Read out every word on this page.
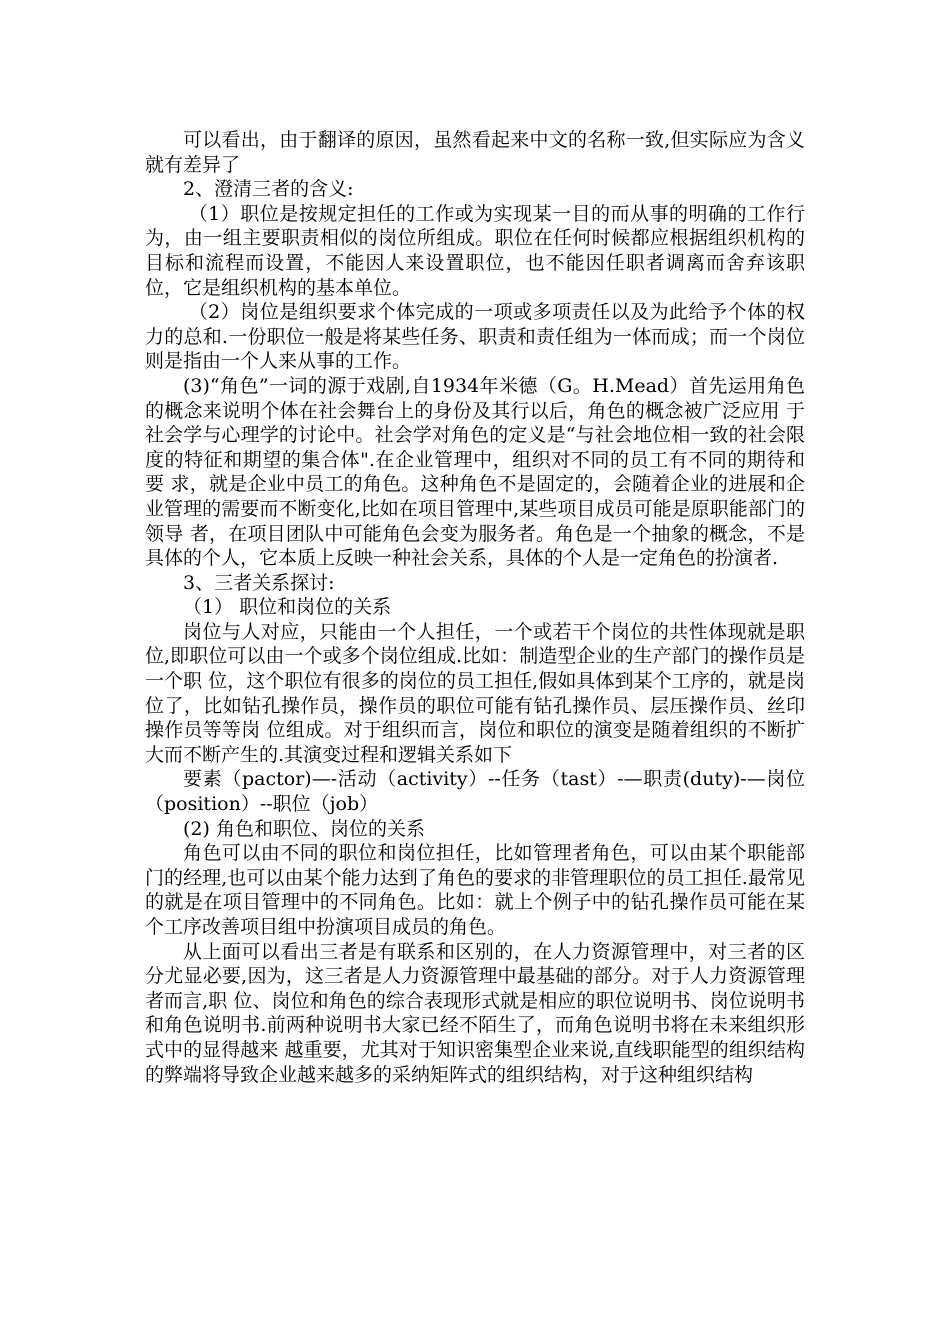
可以看出，由于翻译的原因，虽然看起来中文的名称一致,但实际应为含义就有差异了

2、澄清三者的含义:

（1）职位是按规定担任的工作或为实现某一目的而从事的明确的工作行为，由一组主要职责相似的岗位所组成。职位在任何时候都应根据组织机构的目标和流程而设置，不能因人来设置职位，也不能因任职者调离而舍弃该职位，它是组织机构的基本单位。

（2）岗位是组织要求个体完成的一项或多项责任以及为此给予个体的权力的总和.一份职位一般是将某些任务、职责和责任组为一体而成；而一个岗位则是指由一个人来从事的工作。

(3)“角色”一词的源于戏剧,自1934年米德（G。H.Mead）首先运用角色的概念来说明个体在社会舞台上的身份及其行以后，角色的概念被广泛应用 于社会学与心理学的讨论中。社会学对角色的定义是“与社会地位相一致的社会限度的特征和期望的集合体".在企业管理中，组织对不同的员工有不同的期待和要 求，就是企业中员工的角色。这种角色不是固定的，会随着企业的进展和企业管理的需要而不断变化,比如在项目管理中,某些项目成员可能是原职能部门的领导 者，在项目团队中可能角色会变为服务者。角色是一个抽象的概念，不是具体的个人，它本质上反映一种社会关系，具体的个人是一定角色的扮演者.

3、三者关系探讨:

（1） 职位和岗位的关系

岗位与人对应，只能由一个人担任，一个或若干个岗位的共性体现就是职位,即职位可以由一个或多个岗位组成.比如：制造型企业的生产部门的操作员是一个职 位，这个职位有很多的岗位的员工担任,假如具体到某个工序的，就是岗位了，比如钻孔操作员，操作员的职位可能有钻孔操作员、层压操作员、丝印操作员等等岗 位组成。对于组织而言，岗位和职位的演变是随着组织的不断扩大而不断产生的.其演变过程和逻辑关系如下

要素（pactor)—-活动（activity）--任务（tast）-—职责(duty)-—岗位（position）--职位（job）

(2) 角色和职位、岗位的关系

角色可以由不同的职位和岗位担任，比如管理者角色，可以由某个职能部门的经理,也可以由某个能力达到了角色的要求的非管理职位的员工担任.最常见的就是在项目管理中的不同角色。比如：就上个例子中的钻孔操作员可能在某个工序改善项目组中扮演项目成员的角色。

从上面可以看出三者是有联系和区别的，在人力资源管理中，对三者的区分尤显必要,因为，这三者是人力资源管理中最基础的部分。对于人力资源管理者而言,职 位、岗位和角色的综合表现形式就是相应的职位说明书、岗位说明书和角色说明书.前两种说明书大家已经不陌生了，而角色说明书将在未来组织形式中的显得越来 越重要，尤其对于知识密集型企业来说,直线职能型的组织结构的弊端将导致企业越来越多的采纳矩阵式的组织结构，对于这种组织结构
